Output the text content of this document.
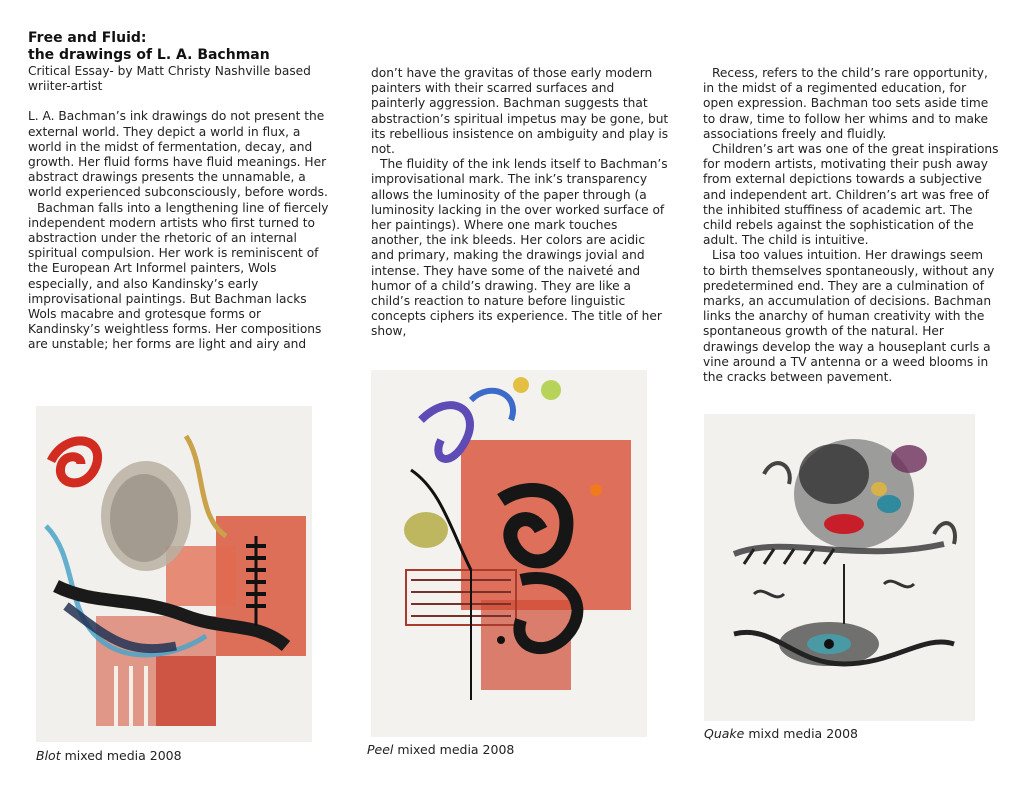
Free and Fluid:
the drawings of L. A. Bachman

Critical Essay- by Matt Christy Nashville based

wriiter-artist

L. A. Bachman’s ink drawings do not present the external world. They depict a world in flux, a world in the midst of fermentation, decay, and growth. Her fluid forms have fluid meanings. Her abstract drawings presents the unnamable, a world experienced subconsciously, before words.

Bachman falls into a lengthening line of fiercely independent modern artists who first turned to abstraction under the rhetoric of an internal spiritual compulsion. Her work is reminiscent of the European Art Informel painters, Wols especially, and also Kandinsky’s early improvisational paintings. But Bachman lacks Wols macabre and grotesque forms or Kandinsky’s weightless forms. Her compositions are unstable; her forms are light and airy and

don’t have the gravitas of those early modern painters with their scarred surfaces and painterly aggression. Bachman suggests that abstraction’s spiritual impetus may be gone, but its rebellious insistence on ambiguity and play is not.

The fluidity of the ink lends itself to Bachman’s improvisational mark. The ink’s transparency allows the luminosity of the paper through (a luminosity lacking in the over worked surface of her paintings). Where one mark touches another, the ink bleeds. Her colors are acidic and primary, making the drawings jovial and intense. They have some of the naiveté and humor of a child’s drawing. They are like a child’s reaction to nature before linguistic concepts ciphers its experience. The title of her show,

Recess, refers to the child’s rare opportunity, in the midst of a regimented education, for open expression. Bachman too sets aside time to draw, time to follow her whims and to make associations freely and fluidly.

Children’s art was one of the great inspirations for modern artists, motivating their push away from external depictions towards a subjective and independent art. Children’s art was free of the inhibited stuffiness of academic art. The child rebels against the sophistication of the adult. The child is intuitive.

Lisa too values intuition. Her drawings seem to birth themselves spontaneously, without any predetermined end. They are a culmination of marks, an accumulation of decisions. Bachman links the anarchy of human creativity with the spontaneous growth of the natural. Her drawings develop the way a houseplant curls a vine around a TV antenna or a weed blooms in the cracks between pavement.

Blot mixed media 2008	Peel mixed media 2008
Quake mixd media 2008
